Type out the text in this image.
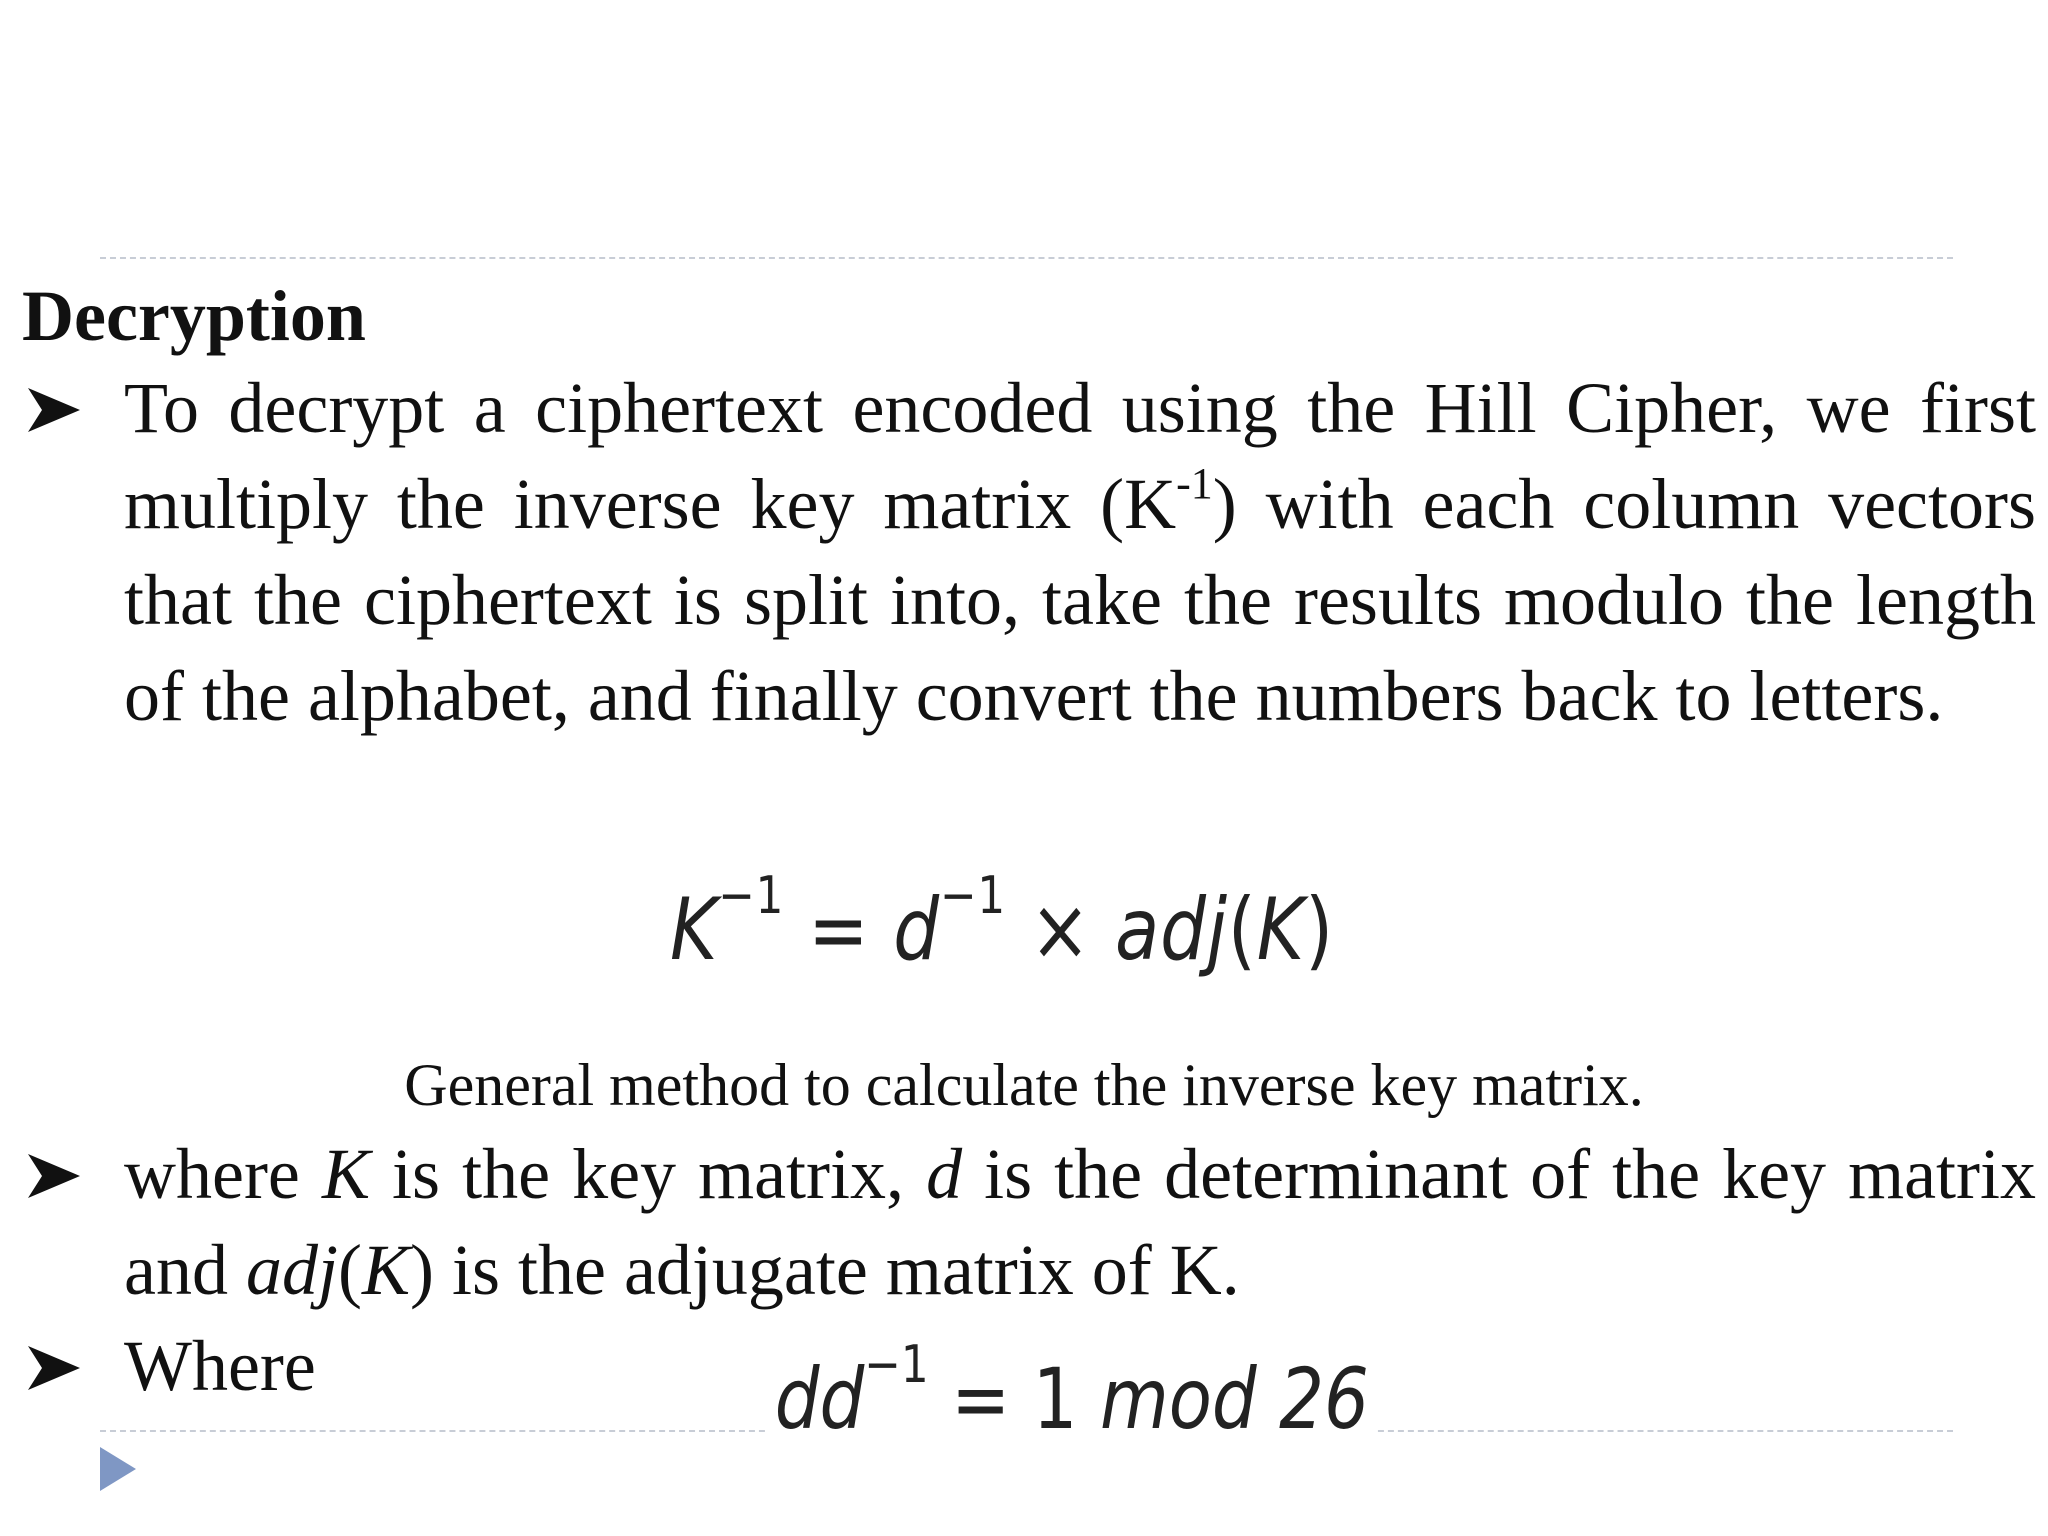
Decryption
To decrypt a ciphertext encoded using the Hill Cipher, we first multiply the inverse key matrix $(K^{-1})$ with each column vectors that the ciphertext is split into, take the results modulo the length of the alphabet, and finally convert the numbers back to letters.
$K^{-1} = d^{-1} \times adj(K)$
General method to calculate the inverse key matrix.
where K is the key matrix, d is the determinant of the key matrix and adj(K) is the adjugate matrix of K.
Where	$dd^{-1} = 1$ mod 26
